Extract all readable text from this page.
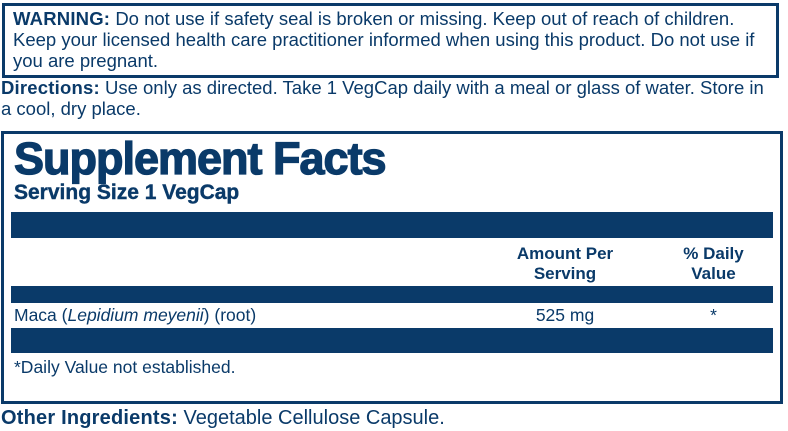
WARNING: Do not use if safety seal is broken or missing. Keep out of reach of children. Keep your licensed health care practitioner informed when using this product. Do not use if you are pregnant.
Directions: Use only as directed. Take 1 VegCap daily with a meal or glass of water. Store in a cool, dry place.
Supplement Facts
Serving Size 1 VegCap
Amount Per
Serving
% Daily
Value
Maca (Lepidium meyenii) (root)	525 mg	*
*Daily Value not established.
Other Ingredients: Vegetable Cellulose Capsule.
